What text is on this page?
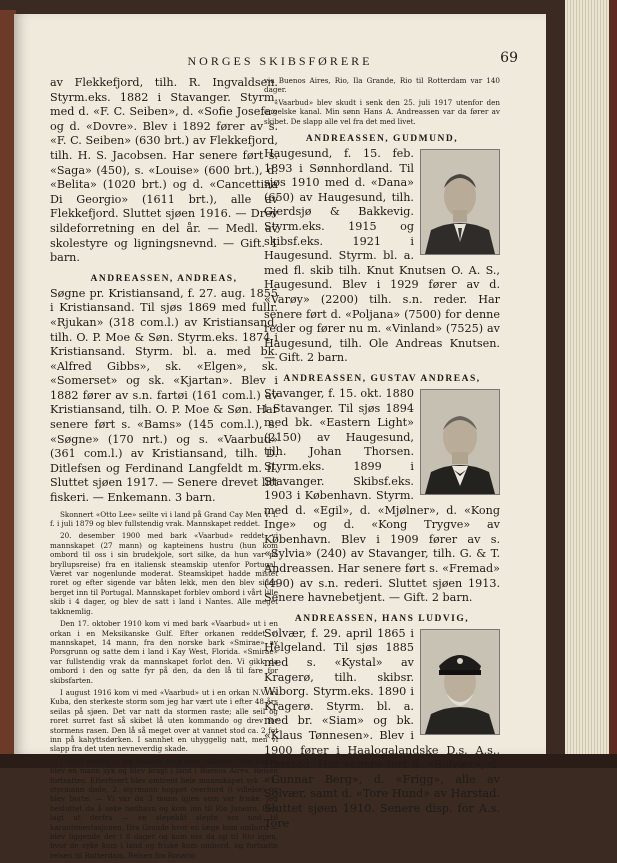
NORGES SKIBSFØRERE	69

av Flekkefjord, tilh. R. Ingvaldsen. Styrm.eks. 1882 i Stavanger. Styrm. med d. «F. C. Seiben», d. «Sofie Josefa» og d. «Dovre». Blev i 1892 fører av s. «F. C. Seiben» (630 brt.) av Flekkefjord, tilh. H. S. Jacobsen. Har senere ført s. «Saga» (450), s. «Louise» (600 brt.), d. «Belita» (1020 brt.) og d. «Cancettina Di Georgio» (1611 brt.), alle av Flekkefjord. Sluttet sjøen 1916. — Drev sildeforretning en del år. — Medl. av skolestyre og ligningsnevnd. — Gift. 1 barn.

ANDREASSEN, ANDREAS,

Søgne pr. Kristiansand, f. 27. aug. 1855 i Kristiansand. Til sjøs 1869 med fullr. «Rjukan» (318 com.l.) av Kristiansand, tilh. O. P. Moe & Søn. Styrm.eks. 1874 i Kristiansand. Styrm. bl. a. med bk. «Alfred Gibbs», sk. «Elgen», sk. «Somerset» og sk. «Kjartan». Blev i 1882 fører av s.n. fartøi (161 com.l.) av Kristiansand, tilh. O. P. Moe & Søn. Har senere ført s. «Bams» (145 com.l.), s. «Søgne» (170 nrt.) og s. «Vaarbud» (361 com.l.) av Kristiansand, tilh. D. Ditlefsen og Ferdinand Langfeldt m. fl. Sluttet sjøen 1917. — Senere drevet litt fiskeri. — Enkemann. 3 barn.

Skonnert «Otto Lee» seilte vi i land på Grand Cay Men V. I. f. i juli 1879 og blev fullstendig vrak. Mannskapet reddet.

20. desember 1900 med bark «Vaarbud» reddet vi mannskapet (27 mann) og kapteinens hustru (hun kom ombord til oss i sin brudekjole, sort silke, da hun var på bryllupsreise) fra en italiensk steamskip utenfor Portugal. Været var nogenlunde moderat. Steamskipet hadde mistet roret og efter sigende var båten lekk, men den blev siden berget inn til Portugal. Mannskapet forblev ombord i vårt lille skib i 4 dager, og blev de satt i land i Nantes. Alle meget takknemlig.

Den 17. oktober 1910 kom vi med bark «Vaarbud» ut i en orkan i en Meksikanske Gulf. Efter orkanen reddet vi mannskapet, 14 mann, fra den norske bark «Smirae» av Porsgrunn og satte dem i land i Kay West, Florida. «Smirae» var fullstendig vrak da mannskapet forlot den. Vi gikk da ombord i den og satte fyr på den, da den lå til fare for skibsfarten.

I august 1916 kom vi med «Vaarbud» ut i en orkan N.V. av Kuba, den sterkeste storm som jeg har vært ute i efter 48 års seilas på sjøen. Det var natt da stormen raste; alle seil og roret surret fast så skibet lå uten kommando og drev for stormens rasen. Den lå så meget over at vannet stod ca. 2 fot inn på kahyttsdørken. I sannhet en uhyggelig natt, men vi slapp fra det uten nevneverdig skade.

I 1887 avgikk vi fra Rosario med bark «Bams». Ned floden blev en mann syk og blev bragt i land i Buenos Aires. Reisen fortsattes. Efterhvert blev omtrent hele mannskapet syk — 1. styrmann døde, 2. styrmann hoppet overbord (i villelse) og blev borte. — Vi var da 3 mann igjen som var friske. Jeg besluttet da å søke nødhavn og kom inn til Rio Janeiro. Blev lagt ut derfra — en slepebåt slepte oss ned til karantenestasjonen. Ifra Grande hvor en læge kom ombord — blev liggende der i 8 dager og kom oss da op til Rio igjen, hvor de syke kom i land og friske kom ombord, og fortsatte reisen til Rotterdam. Reisen fra Rosario

via Buenos Aires, Rio, Ila Grande, Rio til Rotterdam var 140 dager.

«Vaarbud» blev skudt i senk den 25. juli 1917 utenfor den engelske kanal. Min sønn Hans A. Andreassen var da fører av skibet. De slapp alle vel fra det med livet.

ANDREASSEN, GUDMUND,

Haugesund, f. 15. feb. 1893 i Sønnhordland. Til sjøs 1910 med d. «Dana» (650) av Haugesund, tilh. Gjerdsjø & Bakkevig. Styrm.eks. 1915 og skibsf.eks. 1921 i Haugesund. Styrm. bl. a. med fl. skib tilh. Knut Knutsen O. A. S., Haugesund. Blev i 1929 fører av d. «Varøy» (2200) tilh. s.n. reder. Har senere ført d. «Poljana» (7500) for denne reder og fører nu m. «Vinland» (7525) av Haugesund, tilh. Ole Andreas Knutsen. — Gift. 2 barn.

ANDREASSEN, GUSTAV ANDREAS,

Stavanger, f. 15. okt. 1880 i Stavanger. Til sjøs 1894 med bk. «Eastern Light» (2150) av Haugesund, tilh. Johan Thorsen. Styrm.eks. 1899 i Stavanger. Skibsf.eks. 1903 i København. Styrm. med d. «Egil», d. «Mjølner», d. «Kong Inge» og d. «Kong Trygve» av København. Blev i 1909 fører av s. «Sylvia» (240) av Stavanger, tilh. G. & T. Andreassen. Har senere ført s. «Fremad» (490) av s.n. rederi. Sluttet sjøen 1913. Senere havnebetjent. — Gift. 2 barn.

ANDREASSEN, HANS LUDVIG,

Solvær, f. 29. april 1865 i Helgeland. Til sjøs 1885 med s. «Kystal» av Kragerø, tilh. skibsr. Wiborg. Styrm.eks. 1890 i Kragerø. Styrm. bl. a. med br. «Siam» og bk. «Klaus Tønnesen». Blev i 1900 fører i Haalogalandske D.s. A.s., Harstad. Har senere ført d. «Solvær», d. «Gunnar Berg», d. «Frigg», alle av Solvær, samt d. «Tore Hund» av Harstad. Sluttet sjøen 1910. Senere disp. for A.s. Tore
